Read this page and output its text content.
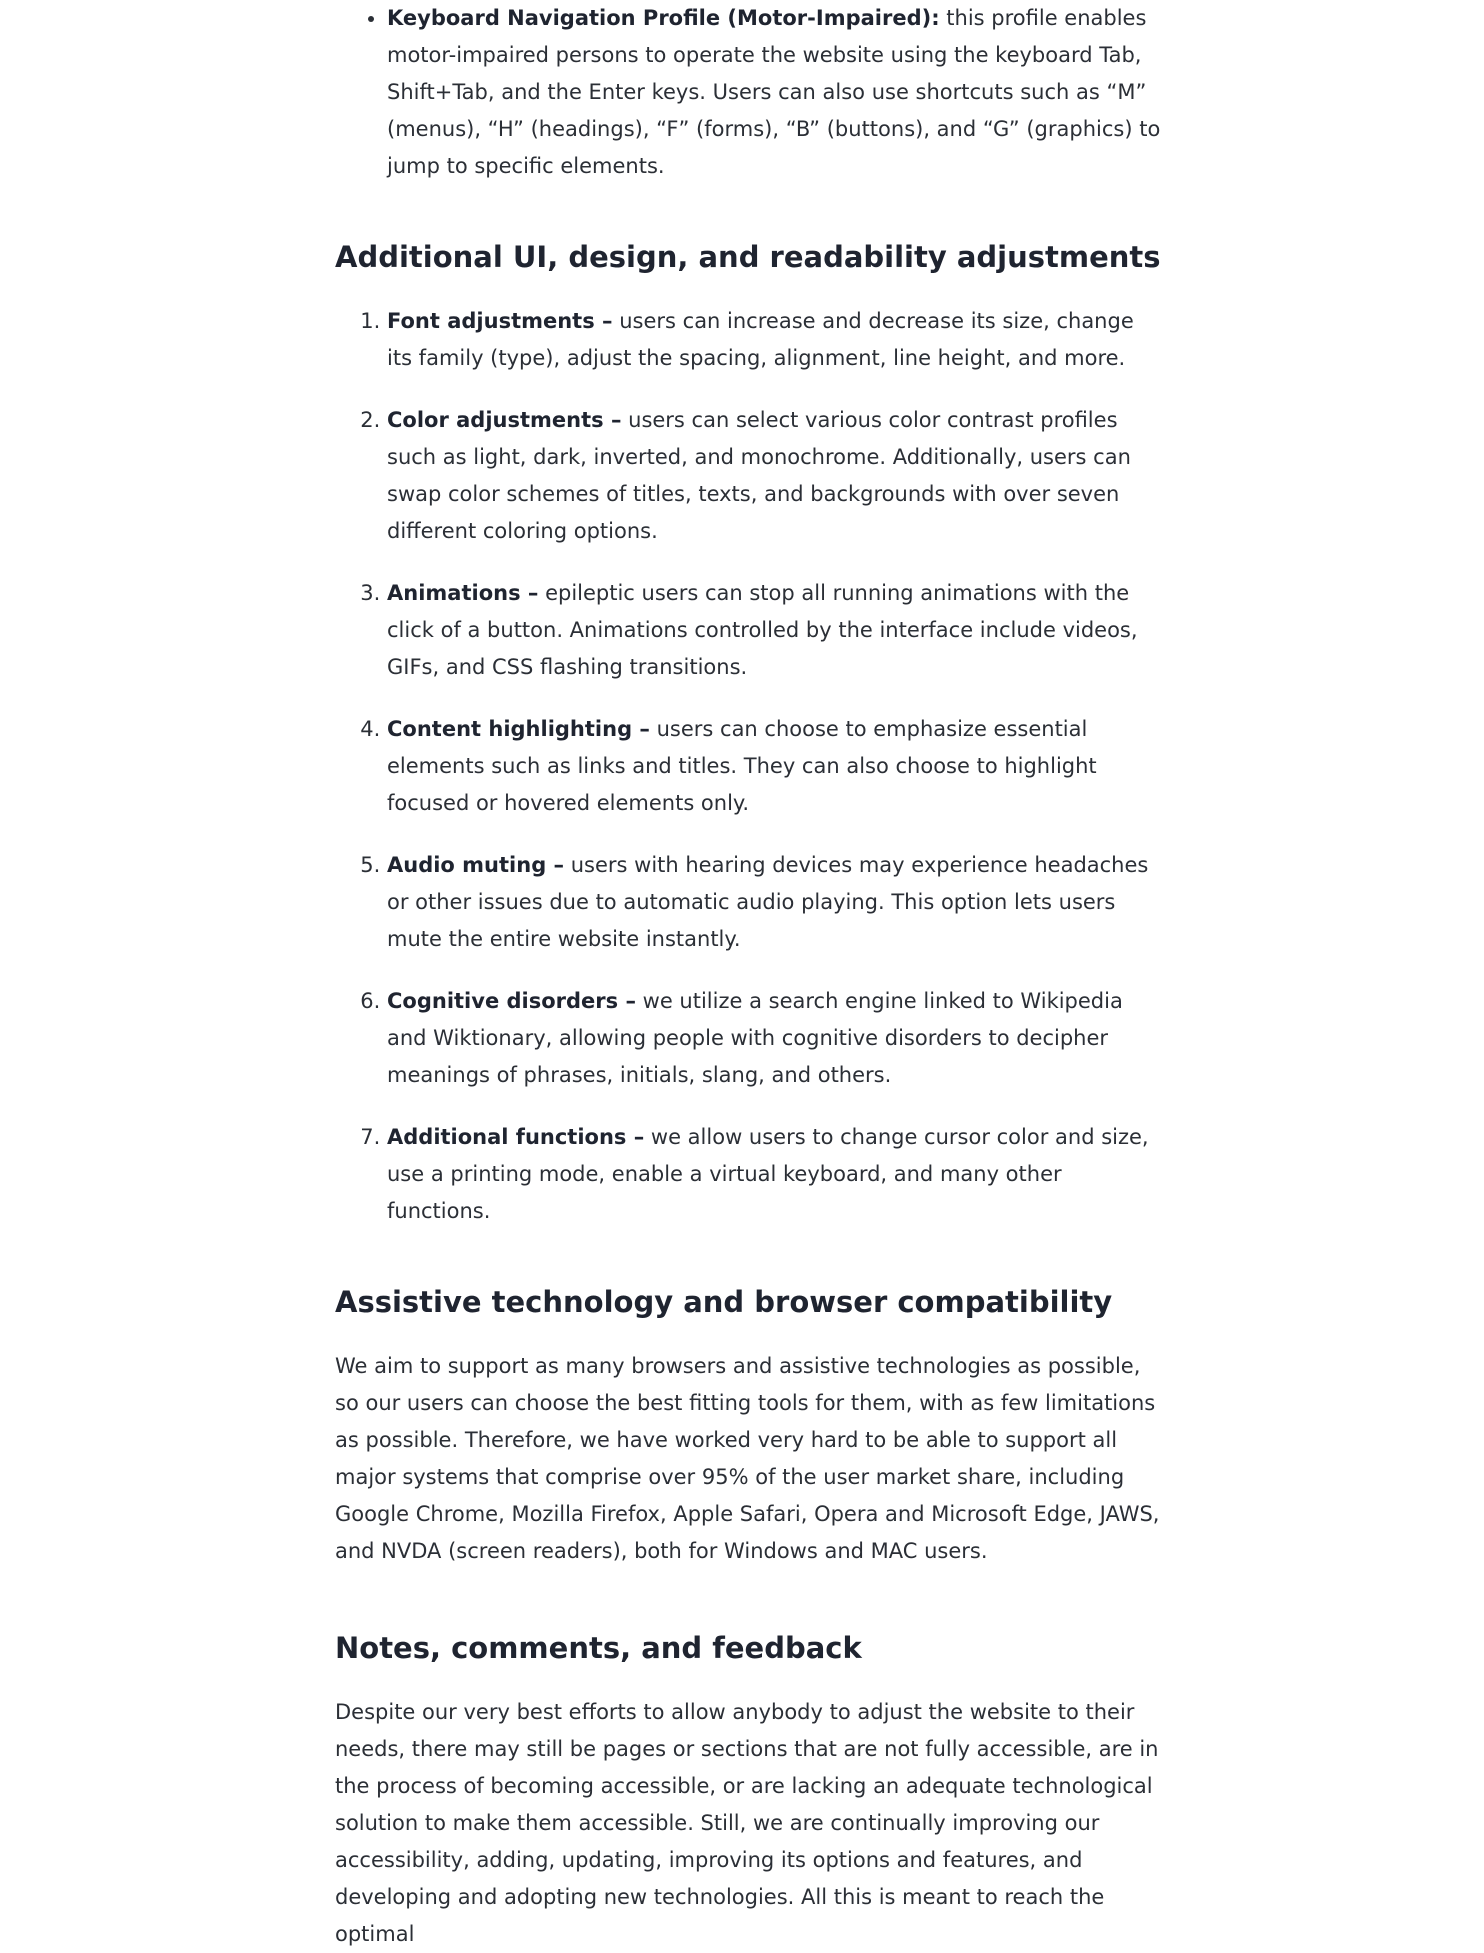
• Keyboard Navigation Profile (Motor-Impaired): this profile enables motor-impaired persons to operate the website using the keyboard Tab, Shift+Tab, and the Enter keys. Users can also use shortcuts such as “M” (menus), “H” (headings), “F” (forms), “B” (buttons), and “G” (graphics) to jump to specific elements.
Additional UI, design, and readability adjustments
1. Font adjustments – users can increase and decrease its size, change its family (type), adjust the spacing, alignment, line height, and more.
2. Color adjustments – users can select various color contrast profiles such as light, dark, inverted, and monochrome. Additionally, users can swap color schemes of titles, texts, and backgrounds with over seven different coloring options.
3. Animations – epileptic users can stop all running animations with the click of a button. Animations controlled by the interface include videos, GIFs, and CSS flashing transitions.
4. Content highlighting – users can choose to emphasize essential elements such as links and titles. They can also choose to highlight focused or hovered elements only.
5. Audio muting – users with hearing devices may experience headaches or other issues due to automatic audio playing. This option lets users mute the entire website instantly.
6. Cognitive disorders – we utilize a search engine linked to Wikipedia and Wiktionary, allowing people with cognitive disorders to decipher meanings of phrases, initials, slang, and others.
7. Additional functions – we allow users to change cursor color and size, use a printing mode, enable a virtual keyboard, and many other functions.
Assistive technology and browser compatibility

We aim to support as many browsers and assistive technologies as possible, so our users can choose the best fitting tools for them, with as few limitations as possible. Therefore, we have worked very hard to be able to support all major systems that comprise over 95% of the user market share, including Google Chrome, Mozilla Firefox, Apple Safari, Opera and Microsoft Edge, JAWS, and NVDA (screen readers), both for Windows and MAC users.

Notes, comments, and feedback

Despite our very best efforts to allow anybody to adjust the website to their needs, there may still be pages or sections that are not fully accessible, are in the process of becoming accessible, or are lacking an adequate technological solution to make them accessible. Still, we are continually improving our accessibility, adding, updating, improving its options and features, and developing and adopting new technologies. All this is meant to reach the optimal
